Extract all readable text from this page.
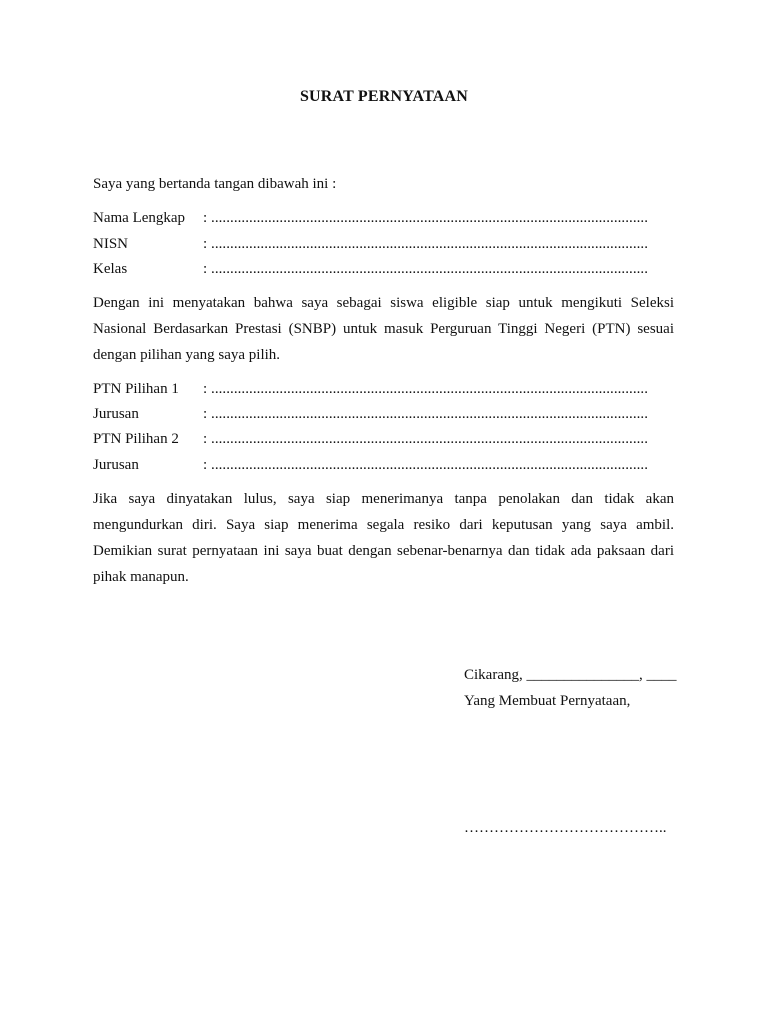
SURAT PERNYATAAN
Saya yang bertanda tangan dibawah ini :
Nama Lengkap : ...................................................................................................................
NISN	: ...................................................................................................................
Kelas	: ...................................................................................................................
Dengan ini menyatakan bahwa saya sebagai siswa eligible siap untuk mengikuti Seleksi
Nasional Berdasarkan Prestasi (SNBP) untuk masuk Perguruan Tinggi Negeri (PTN) sesuai
dengan pilihan yang saya pilih.
PTN Pilihan 1 : ...................................................................................................................
Jurusan	: ...................................................................................................................
PTN Pilihan 2 : ...................................................................................................................
Jurusan	: ...................................................................................................................
Jika saya dinyatakan lulus, saya siap menerimanya tanpa penolakan dan tidak akan
mengundurkan diri. Saya siap menerima segala resiko dari keputusan yang saya ambil.
Demikian surat pernyataan ini saya buat dengan sebenar-benarnya dan tidak ada paksaan dari
pihak manapun.
Cikarang, _______________, ____
Yang Membuat Pernyataan,
…………………………………..
